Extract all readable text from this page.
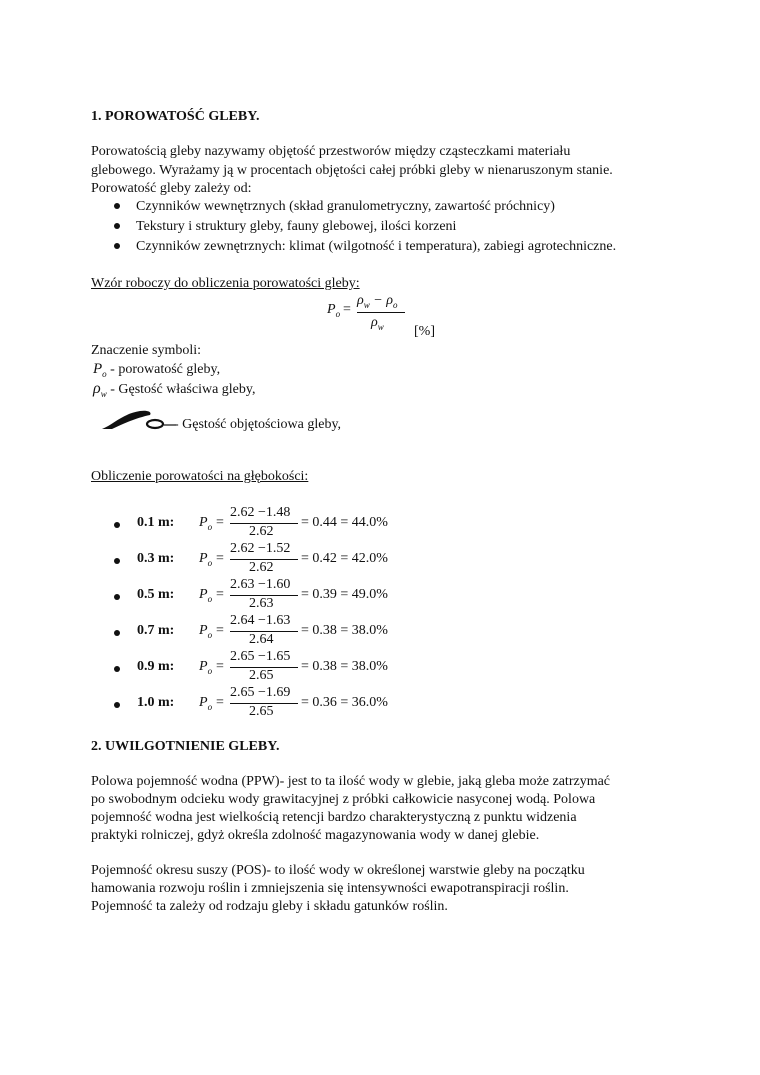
1. POROWATOŚĆ GLEBY.
Porowatością gleby nazywamy objętość przestworów między cząsteczkami materiału
glebowego. Wyrażamy ją w procentach objętości całej próbki gleby w nienaruszonym stanie.
Porowatość gleby zależy od:
Czynników wewnętrznych (skład granulometryczny, zawartość próchnicy)
Tekstury i struktury gleby, fauny glebowej, ilości korzeni
Czynników zewnętrznych: klimat (wilgotność i temperatura), zabiegi agrotechniczne.
Wzór roboczy do obliczenia porowatości gleby:
$P_o$ =
$\rho_w - \rho_o$
$\rho_w$ [%]
Znaczenie symboli:
$P_o$ - porowatość gleby,
$\rho_w$ - Gęstość właściwa gleby,
- Gęstość objętościowa gleby,
Obliczenie porowatości na głębokości:
0.1 m: $P_o$ =
2.62 −1.48
2.62
= 0.44 = 44.0%
0.3 m: $P_o$ =
2.62 −1.52
2.62
= 0.42 = 42.0%
0.5 m: $P_o$ =
2.63 −1.60
2.63
= 0.39 = 49.0%
0.7 m: $P_o$ =
2.64 −1.63
2.64
= 0.38 = 38.0%
0.9 m: $P_o$ =
2.65 −1.65
2.65
= 0.38 = 38.0%
1.0 m: $P_o$ =
2.65 −1.69
2.65
= 0.36 = 36.0%
2. UWILGOTNIENIE GLEBY.
Polowa pojemność wodna (PPW)- jest to ta ilość wody w glebie, jaką gleba może zatrzymać
po swobodnym odcieku wody grawitacyjnej z próbki całkowicie nasyconej wodą. Polowa
pojemność wodna jest wielkością retencji bardzo charakterystyczną z punktu widzenia
praktyki rolniczej, gdyż określa zdolność magazynowania wody w danej glebie.
Pojemność okresu suszy (POS)- to ilość wody w określonej warstwie gleby na początku
hamowania rozwoju roślin i zmniejszenia się intensywności ewapotranspiracji roślin.
Pojemność ta zależy od rodzaju gleby i składu gatunków roślin.
